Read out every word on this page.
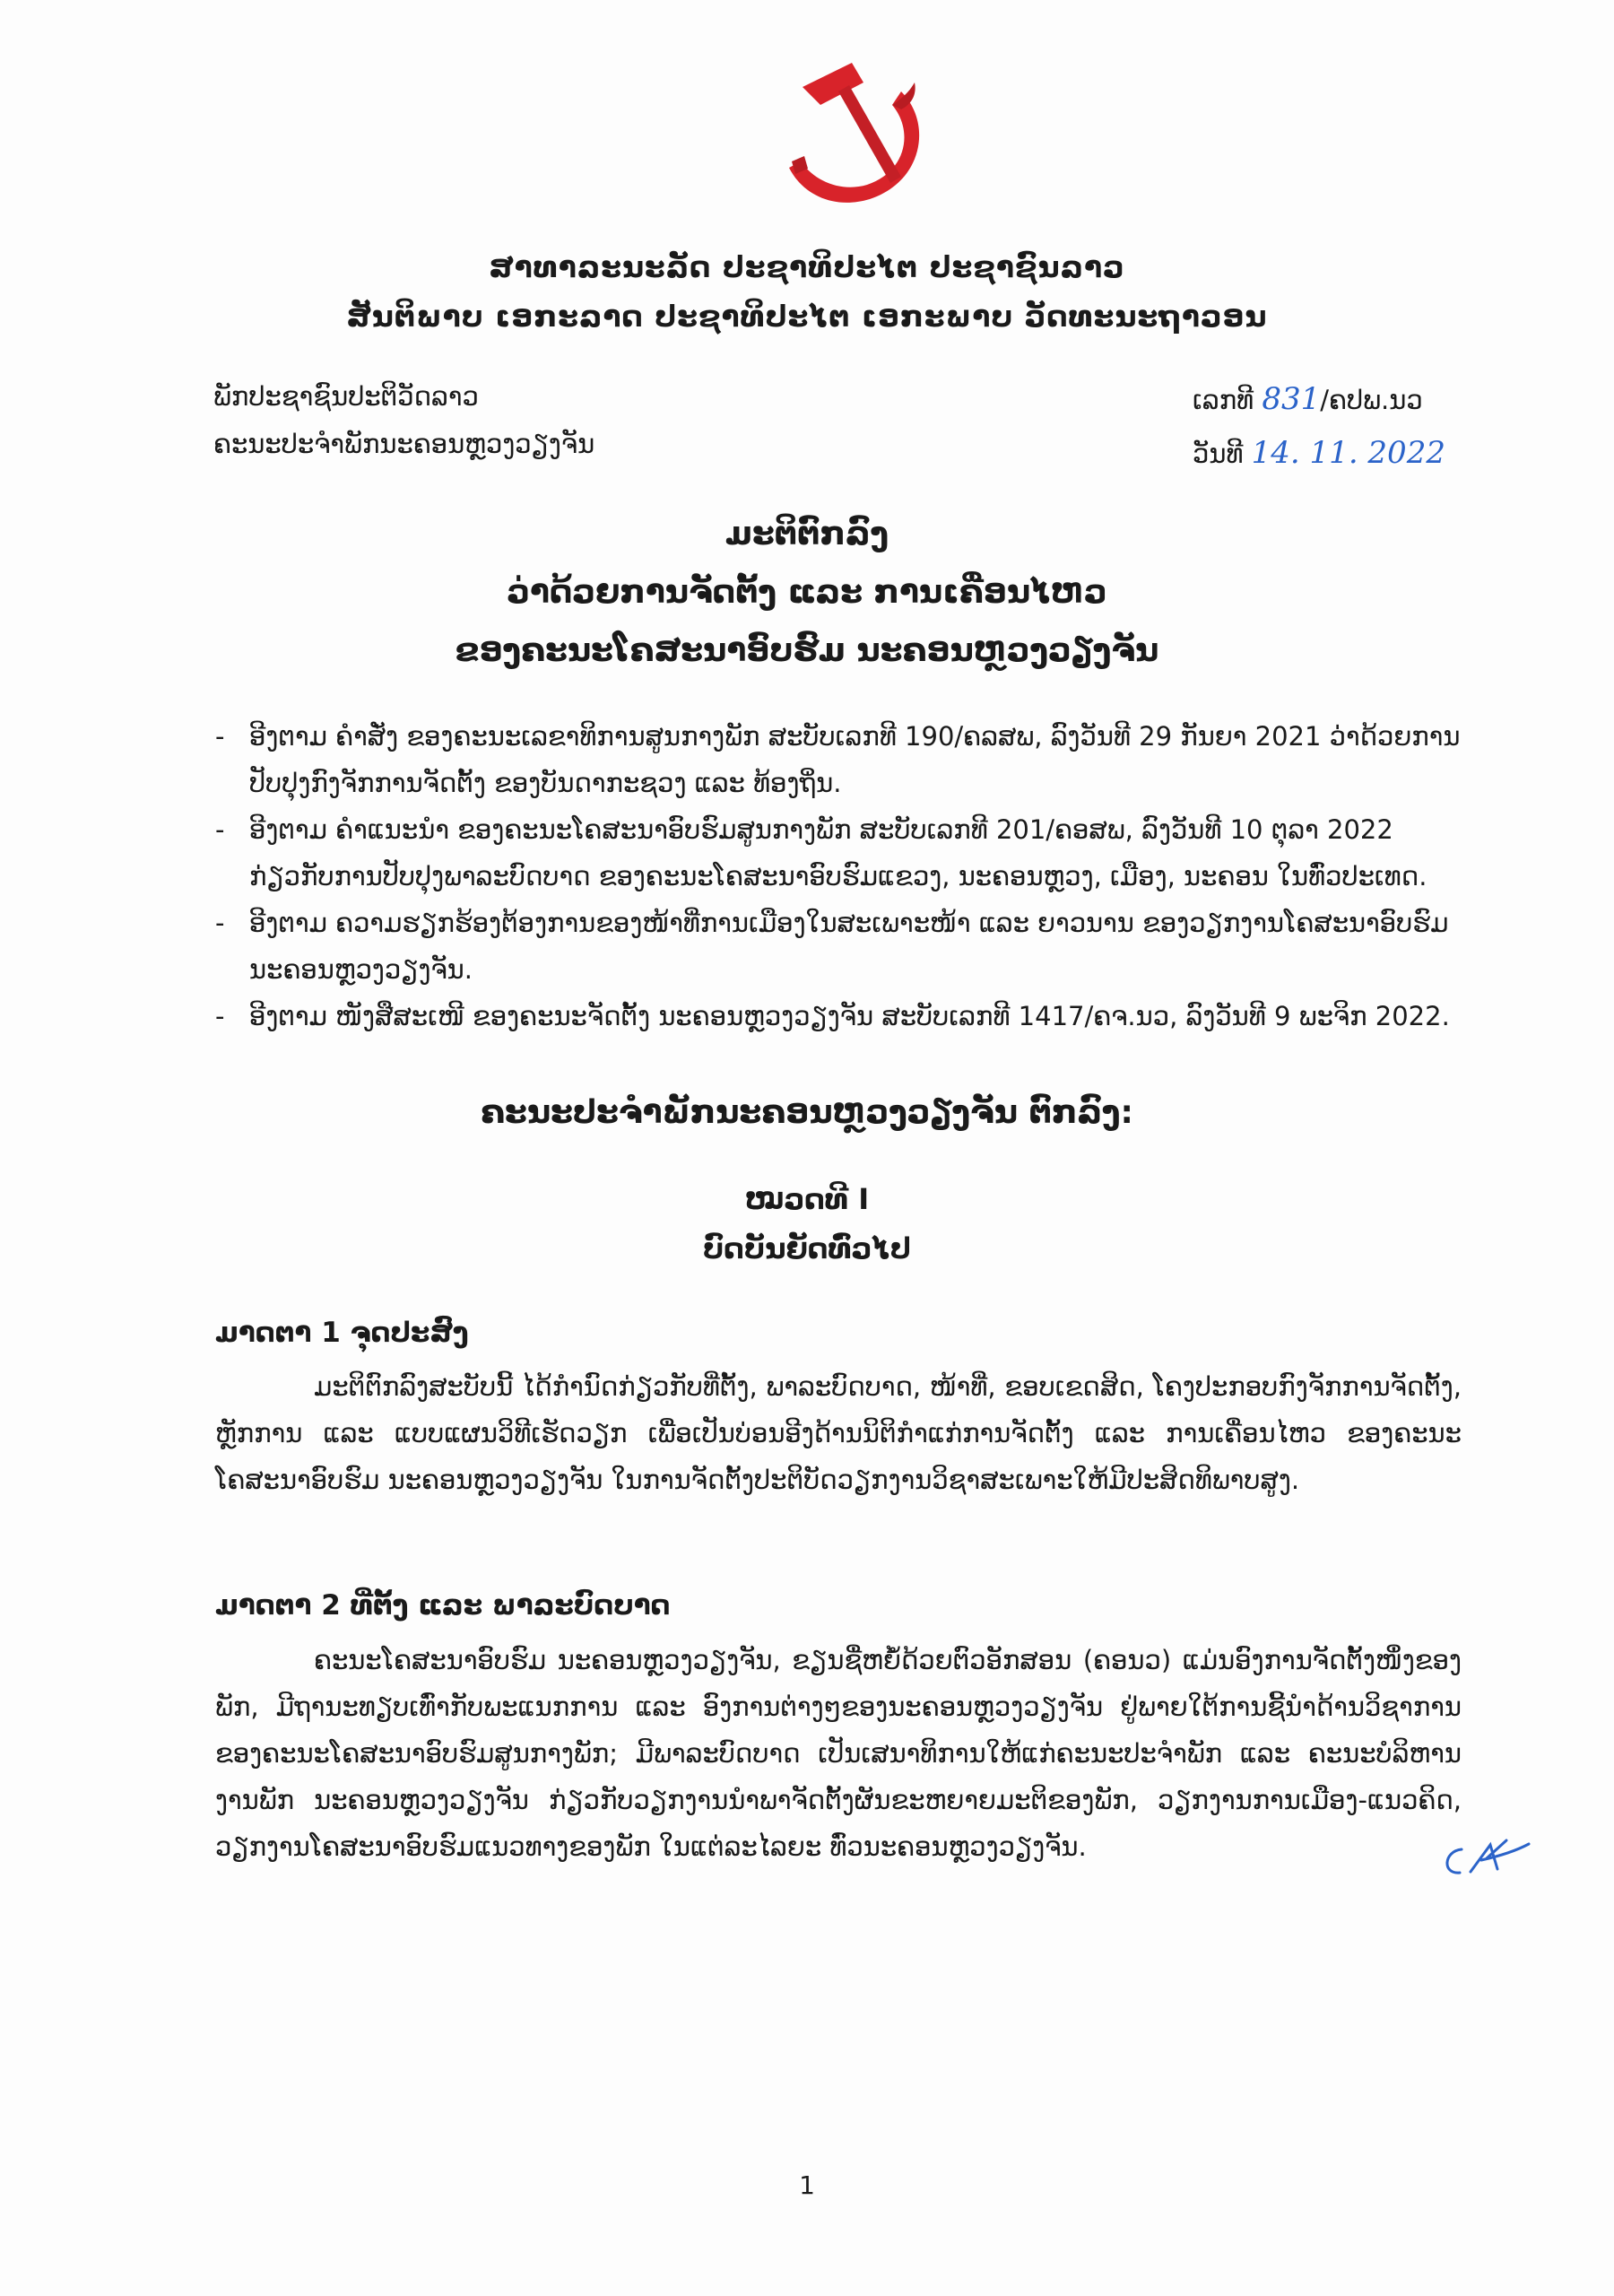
ສາທາລະນະລັດ ປະຊາທິປະໄຕ ປະຊາຊົນລາວ
ສັນຕິພາບ ເອກະລາດ ປະຊາທິປະໄຕ ເອກະພາບ ວັດທະນະຖາວອນ
ພັກປະຊາຊົນປະຕິວັດລາວ
ຄະນະປະຈຳພັກນະຄອນຫຼວງວຽງຈັນ
ເລກທີ 831/ຄປພ.ນວ
ວັນທີ 14. 11. 2022
ມະຕິຕົກລົງ
ວ່າດ້ວຍການຈັດຕັ້ງ ແລະ ການເຄື່ອນໄຫວ
ຂອງຄະນະໂຄສະນາອົບຮົມ ນະຄອນຫຼວງວຽງຈັນ
- ອີງຕາມ ຄຳສັ່ງ ຂອງຄະນະເລຂາທິການສູນກາງພັກ ສະບັບເລກທີ 190/ຄລສພ, ລົງວັນທີ 29 ກັນຍາ 2021 ວ່າດ້ວຍການປັບປຸງກົງຈັກການຈັດຕັ້ງ ຂອງບັນດາກະຊວງ ແລະ ທ້ອງຖິ່ນ.
- ອີງຕາມ ຄຳແນະນຳ ຂອງຄະນະໂຄສະນາອົບຮົມສູນກາງພັກ ສະບັບເລກທີ 201/ຄອສພ, ລົງວັນທີ 10 ຕຸລາ 2022 ກ່ຽວກັບການປັບປຸງພາລະບົດບາດ ຂອງຄະນະໂຄສະນາອົບຮົມແຂວງ, ນະຄອນຫຼວງ, ເມືອງ, ນະຄອນ ໃນທົ່ວປະເທດ.
- ອີງຕາມ ຄວາມຮຽກຮ້ອງຕ້ອງການຂອງໜ້າທີ່ການເມືອງໃນສະເພາະໜ້າ ແລະ ຍາວນານ ຂອງວຽກງານໂຄສະນາອົບຮົມ ນະຄອນຫຼວງວຽງຈັນ.
- ອີງຕາມ ໜັງສືສະເໜີ ຂອງຄະນະຈັດຕັ້ງ ນະຄອນຫຼວງວຽງຈັນ ສະບັບເລກທີ 1417/ຄຈ.ນວ, ລົງວັນທີ 9 ພະຈິກ 2022.
ຄະນະປະຈຳພັກນະຄອນຫຼວງວຽງຈັນ ຕົກລົງ:
ໝວດທີ I
ບົດບັນຍັດທົ່ວໄປ
ມາດຕາ 1 ຈຸດປະສົງ

ມະຕິຕົກລົງສະບັບນີ້ ໄດ້ກຳນົດກ່ຽວກັບທີ່ຕັ້ງ, ພາລະບົດບາດ, ໜ້າທີ່, ຂອບເຂດສິດ, ໂຄງປະກອບກົງຈັກການຈັດຕັ້ງ, ຫຼັກການ ແລະ ແບບແຜນວິທີເຮັດວຽກ ເພື່ອເປັນບ່ອນອີງດ້ານນິຕິກຳແກ່ການຈັດຕັ້ງ ແລະ ການເຄື່ອນໄຫວ ຂອງຄະນະໂຄສະນາອົບຮົມ ນະຄອນຫຼວງວຽງຈັນ ໃນການຈັດຕັ້ງປະຕິບັດວຽກງານວິຊາສະເພາະໃຫ້ມີປະສິດທິພາບສູງ.

ມາດຕາ 2 ທີ່ຕັ້ງ ແລະ ພາລະບົດບາດ

ຄະນະໂຄສະນາອົບຮົມ ນະຄອນຫຼວງວຽງຈັນ, ຂຽນຊື່ຫຍໍ້ດ້ວຍຕົວອັກສອນ (ຄອນວ) ແມ່ນອົງການຈັດຕັ້ງໜຶ່ງຂອງພັກ, ມີຖານະທຽບເທົ່າກັບພະແນກການ ແລະ ອົງການຕ່າງໆຂອງນະຄອນຫຼວງວຽງຈັນ ຢູ່ພາຍໃຕ້ການຊີ້ນຳດ້ານວິຊາການ ຂອງຄະນະໂຄສະນາອົບຮົມສູນກາງພັກ; ມີພາລະບົດບາດ ເປັນເສນາທິການໃຫ້ແກ່ຄະນະປະຈຳພັກ ແລະ ຄະນະບໍລິຫານງານພັກ ນະຄອນຫຼວງວຽງຈັນ ກ່ຽວກັບວຽກງານນຳພາຈັດຕັ້ງຜັນຂະຫຍາຍມະຕິຂອງພັກ, ວຽກງານການເມືອງ-ແນວຄິດ, ວຽກງານໂຄສະນາອົບຮົມແນວທາງຂອງພັກ ໃນແຕ່ລະໄລຍະ ທົ່ວນະຄອນຫຼວງວຽງຈັນ.

1
